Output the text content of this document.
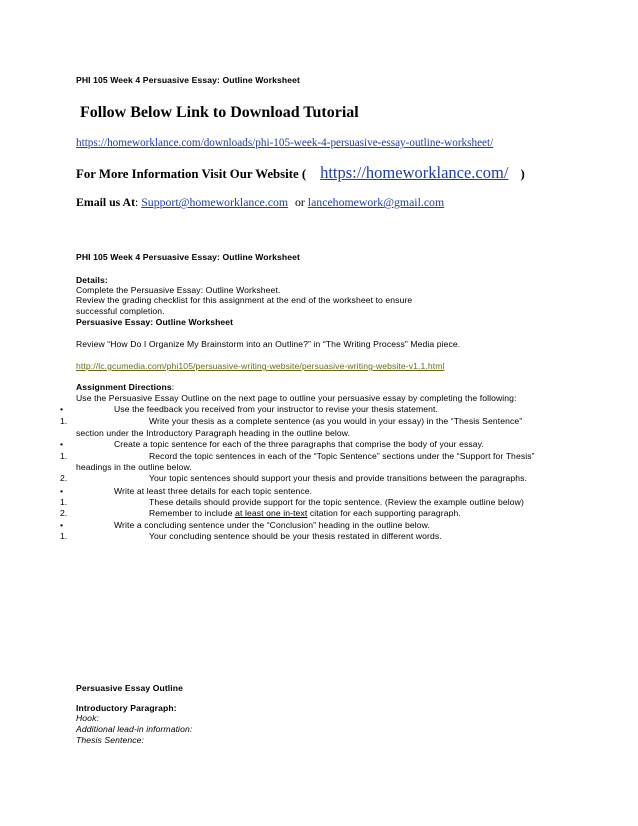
PHI 105 Week 4 Persuasive Essay: Outline Worksheet
Follow Below Link to Download Tutorial
https://homeworklance.com/downloads/phi-105-week-4-persuasive-essay-outline-worksheet/
For More Information Visit Our Website ( https://homeworklance.com/ )
Email us At: Support@homeworklance.com or lancehomework@gmail.com
PHI 105 Week 4 Persuasive Essay: Outline Worksheet
Details:
Complete the Persuasive Essay: Outline Worksheet.
Review the grading checklist for this assignment at the end of the worksheet to ensure
successful completion.
Persuasive Essay: Outline Worksheet
Review “How Do I Organize My Brainstorm into an Outline?” in “The Writing Process” Media piece.
http://lc.gcumedia.com/phi105/persuasive-writing-website/persuasive-writing-website-v1.1.html
Assignment Directions:
Use the Persuasive Essay Outline on the next page to outline your persuasive essay by completing the following:
•	Use the feedback you received from your instructor to revise your thesis statement.
1.	Write your thesis as a complete sentence (as you would in your essay) in the “Thesis Sentence”
section under the Introductory Paragraph heading in the outline below.
•	Create a topic sentence for each of the three paragraphs that comprise the body of your essay.
1.	Record the topic sentences in each of the “Topic Sentence” sections under the “Support for Thesis”
headings in the outline below.
2.	Your topic sentences should support your thesis and provide transitions between the paragraphs.
•	Write at least three details for each topic sentence.
1.	These details should provide support for the topic sentence. (Review the example outline below)
2.	Remember to include at least one in-text citation for each supporting paragraph.
•	Write a concluding sentence under the “Conclusion” heading in the outline below.
1.	Your concluding sentence should be your thesis restated in different words.
Persuasive Essay Outline
Introductory Paragraph:
Hook:
Additional lead-in information:
Thesis Sentence:
